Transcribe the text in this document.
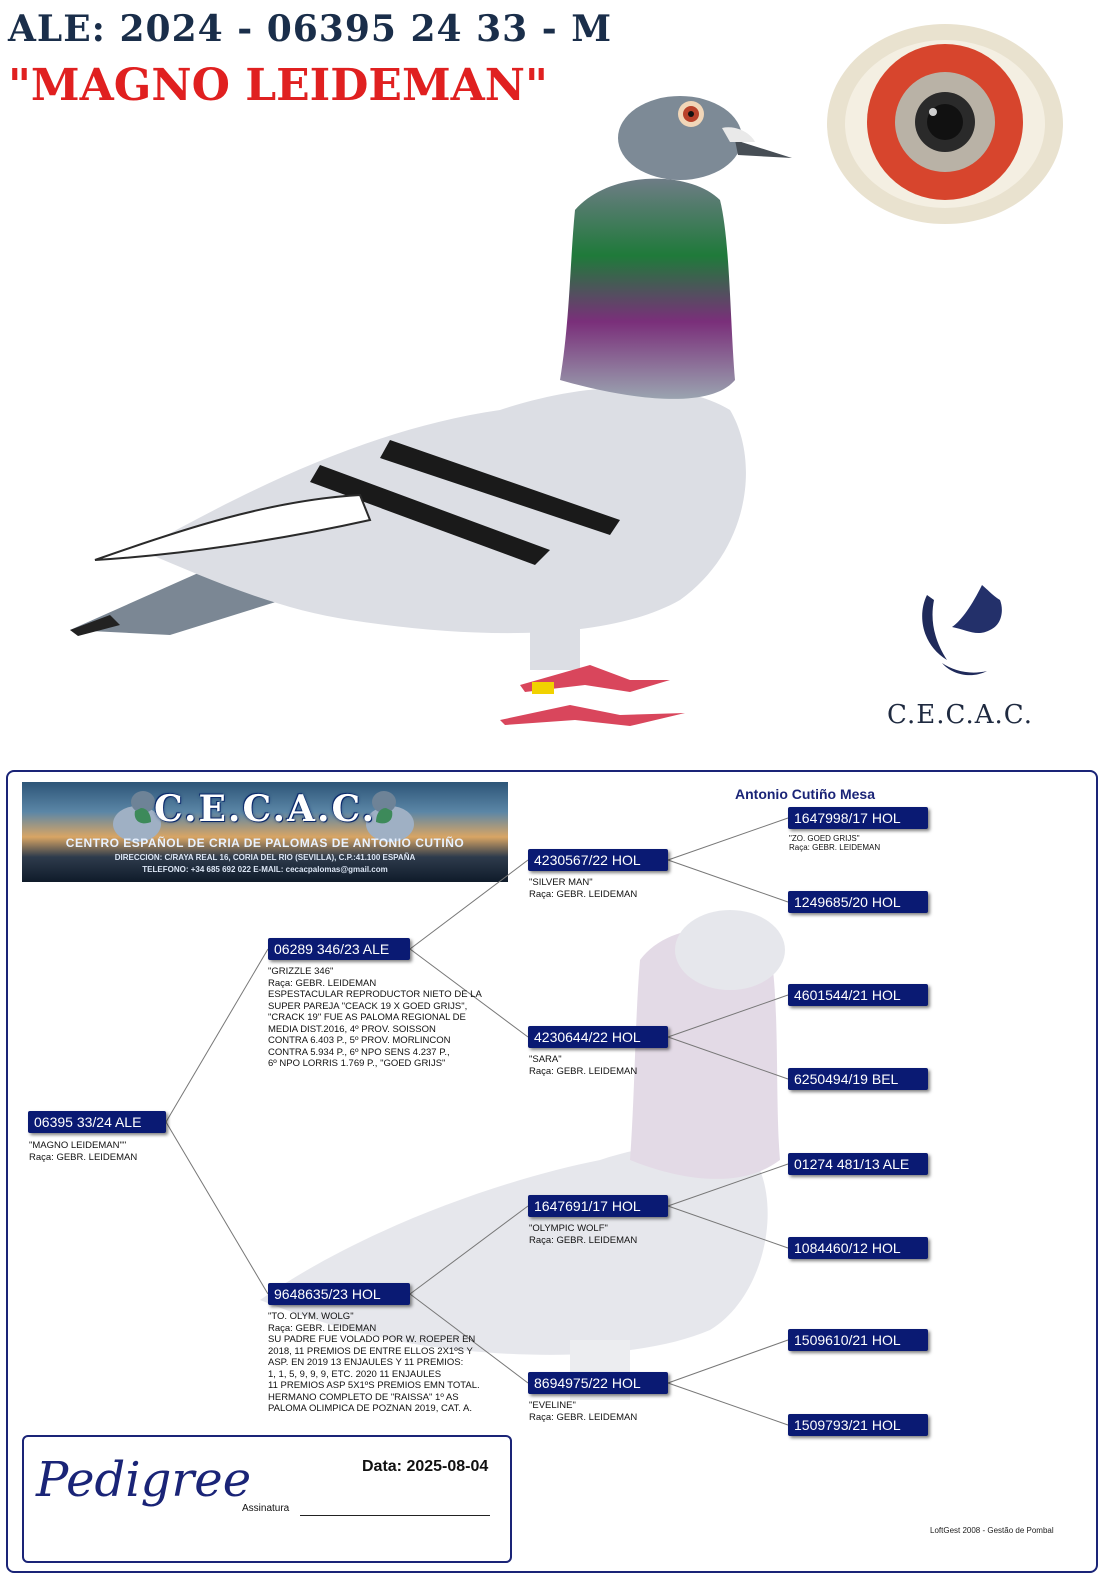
ALE: 2024 - 06395 24 33 - M
"MAGNO LEIDEMAN"
C.E.C.A.C.
C.E.C.A.C.
CENTRO ESPAÑOL DE CRIA DE PALOMAS DE ANTONIO CUTIÑO
DIRECCION: C/RAYA REAL 16, CORIA DEL RIO (SEVILLA), C.P.:41.100 ESPAÑA
TELEFONO: +34 685 692 022 E-MAIL: cecacpalomas@gmail.com
Antonio Cutiño Mesa
06395 33/24 ALE
"MAGNO LEIDEMAN""
Raça: GEBR. LEIDEMAN
06289 346/23 ALE
"GRIZZLE 346"
Raça: GEBR. LEIDEMAN
ESPESTACULAR REPRODUCTOR NIETO DE LA
SUPER PAREJA "CEACK 19 X GOED GRIJS",
"CRACK 19" FUE AS PALOMA REGIONAL DE
MEDIA DIST.2016, 4º PROV. SOISSON
CONTRA 6.403 P., 5º PROV. MORLINCON
CONTRA 5.934 P., 6º NPO SENS 4.237 P.,
6º NPO LORRIS 1.769 P., "GOED GRIJS"
9648635/23 HOL
"TO. OLYM. WOLG"
Raça: GEBR. LEIDEMAN
SU PADRE FUE VOLADO POR W. ROEPER EN
2018, 11 PREMIOS DE ENTRE ELLOS 2X1ºS Y
ASP. EN 2019 13 ENJAULES Y 11 PREMIOS:
1, 1, 5, 9, 9, 9, ETC. 2020 11 ENJAULES
11 PREMIOS ASP 5X1ºS PREMIOS EMN TOTAL.
HERMANO COMPLETO DE "RAISSA" 1º AS
PALOMA OLIMPICA DE POZNAN 2019, CAT. A.
4230567/22 HOL
"SILVER MAN"
Raça: GEBR. LEIDEMAN
4230644/22 HOL
"SARA"
Raça: GEBR. LEIDEMAN
1647691/17 HOL
"OLYMPIC WOLF"
Raça: GEBR. LEIDEMAN
8694975/22 HOL
"EVELINE"
Raça: GEBR. LEIDEMAN
1647998/17 HOL
"ZO. GOED GRIJS"
Raça: GEBR. LEIDEMAN
1249685/20 HOL
4601544/21 HOL
6250494/19 BEL
01274 481/13 ALE
1084460/12 HOL
1509610/21 HOL
1509793/21 HOL
Pedigree	Data: 2025-08-04
Assinatura
LoftGest 2008 - Gestão de Pombal
